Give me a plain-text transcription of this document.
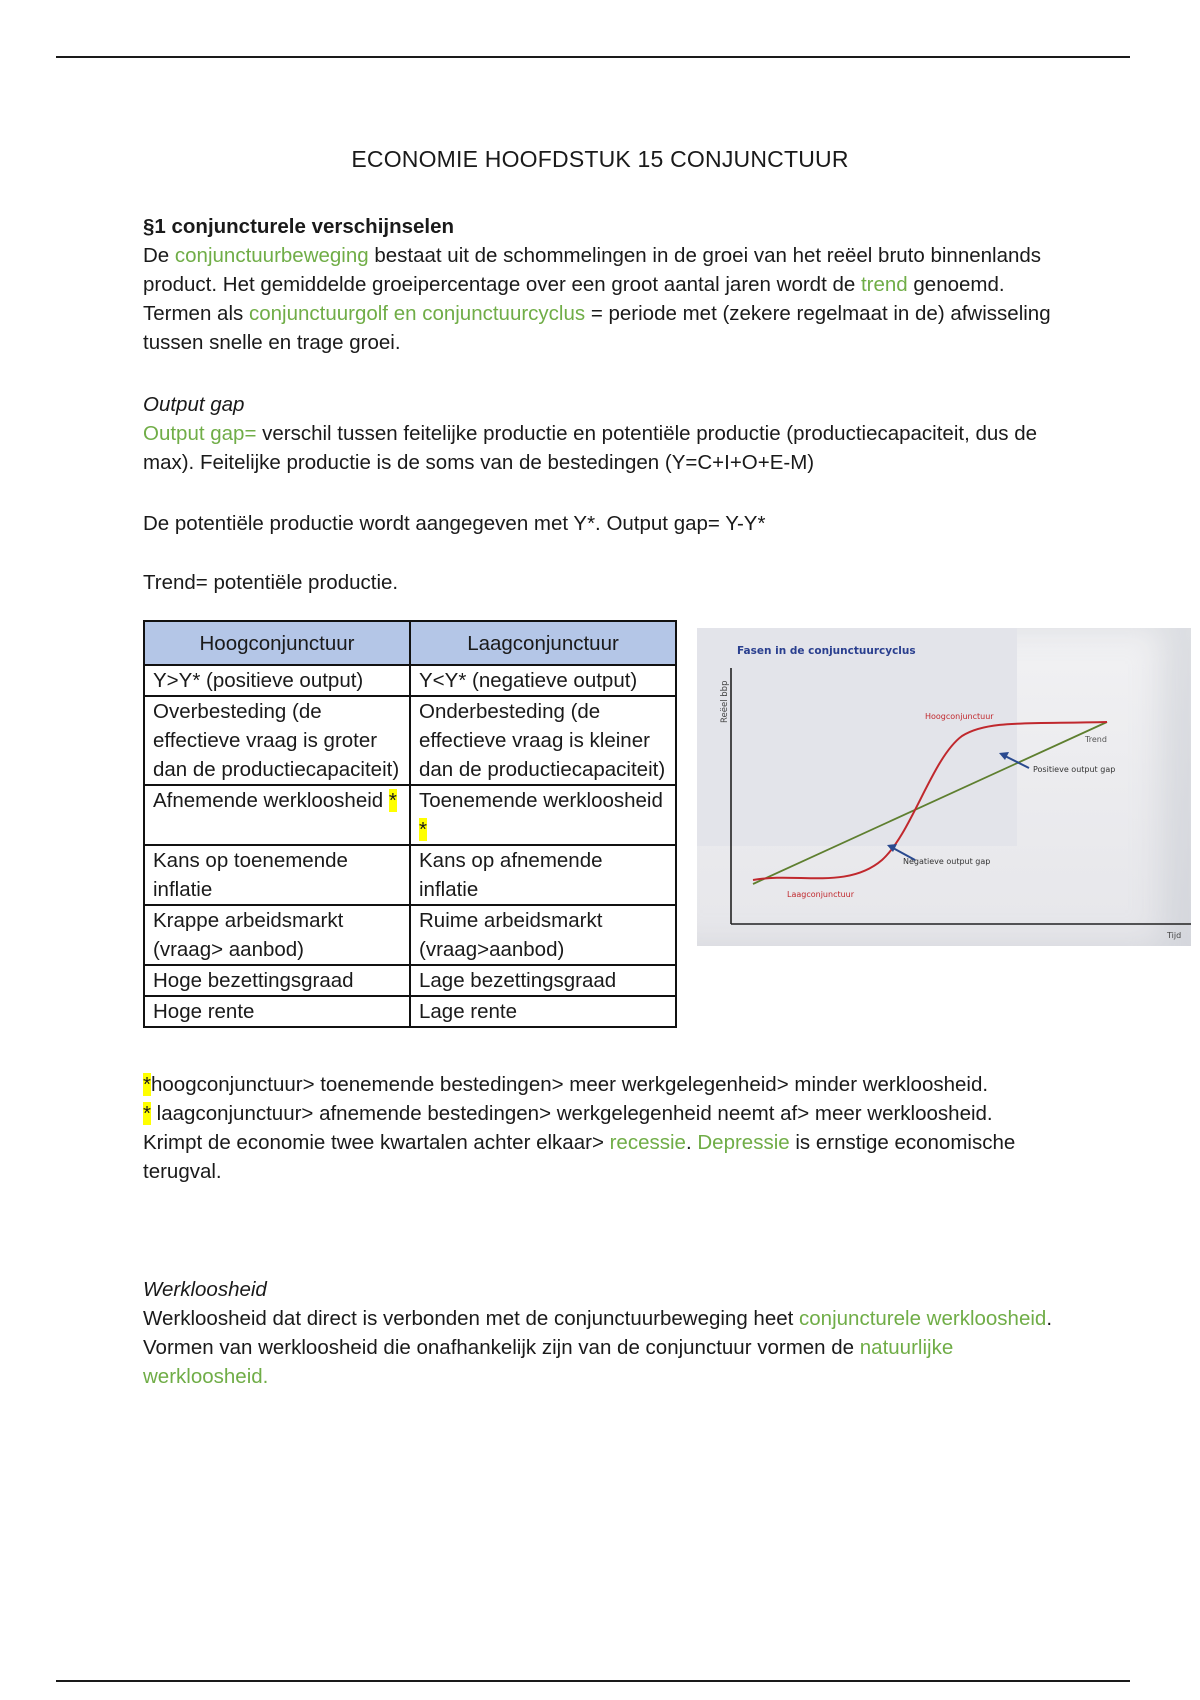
ECONOMIE HOOFDSTUK 15 CONJUNCTUUR

§1 conjuncturele verschijnselen

De conjunctuurbeweging bestaat uit de schommelingen in de groei van het reëel bruto binnenlands product. Het gemiddelde groeipercentage over een groot aantal jaren wordt de trend genoemd. Termen als conjunctuurgolf en conjunctuurcyclus = periode met (zekere regelmaat in de) afwisseling tussen snelle en trage groei.

Output gap

Output gap= verschil tussen feitelijke productie en potentiële productie (productiecapaciteit, dus de max). Feitelijke productie is de soms van de bestedingen (Y=C+I+O+E-M)

De potentiële productie wordt aangegeven met Y*. Output gap= Y-Y*
Trend= potentiële productie.
Hoogconjunctuur	Laagconjunctuur
Y>Y* (positieve output)	Y<Y* (negatieve output)
Overbesteding (de effectieve vraag is groter dan de productiecapaciteit)	Onderbesteding (de effectieve vraag is kleiner dan de productiecapaciteit)
Afnemende werkloosheid *	Toenemende werkloosheid *
Kans op toenemende inflatie	Kans op afnemende inflatie
Krappe arbeidsmarkt (vraag> aanbod)	Ruime arbeidsmarkt (vraag>aanbod)
Hoge bezettingsgraad	Lage bezettingsgraad
Hoge rente	Lage rente
Fasen in de conjunctuurcyclus
Reëel bbp
Tijd
Hoogconjunctuur
Laagconjunctuur
Trend
Positieve output gap
Negatieve output gap

*hoogconjunctuur> toenemende bestedingen> meer werkgelegenheid> minder werkloosheid.

* laagconjunctuur> afnemende bestedingen> werkgelegenheid neemt af> meer werkloosheid.

Krimpt de economie twee kwartalen achter elkaar> recessie. Depressie is ernstige economische terugval.

Werkloosheid

Werkloosheid dat direct is verbonden met de conjunctuurbeweging heet conjuncturele werkloosheid.

Vormen van werkloosheid die onafhankelijk zijn van de conjunctuur vormen de natuurlijke werkloosheid.
